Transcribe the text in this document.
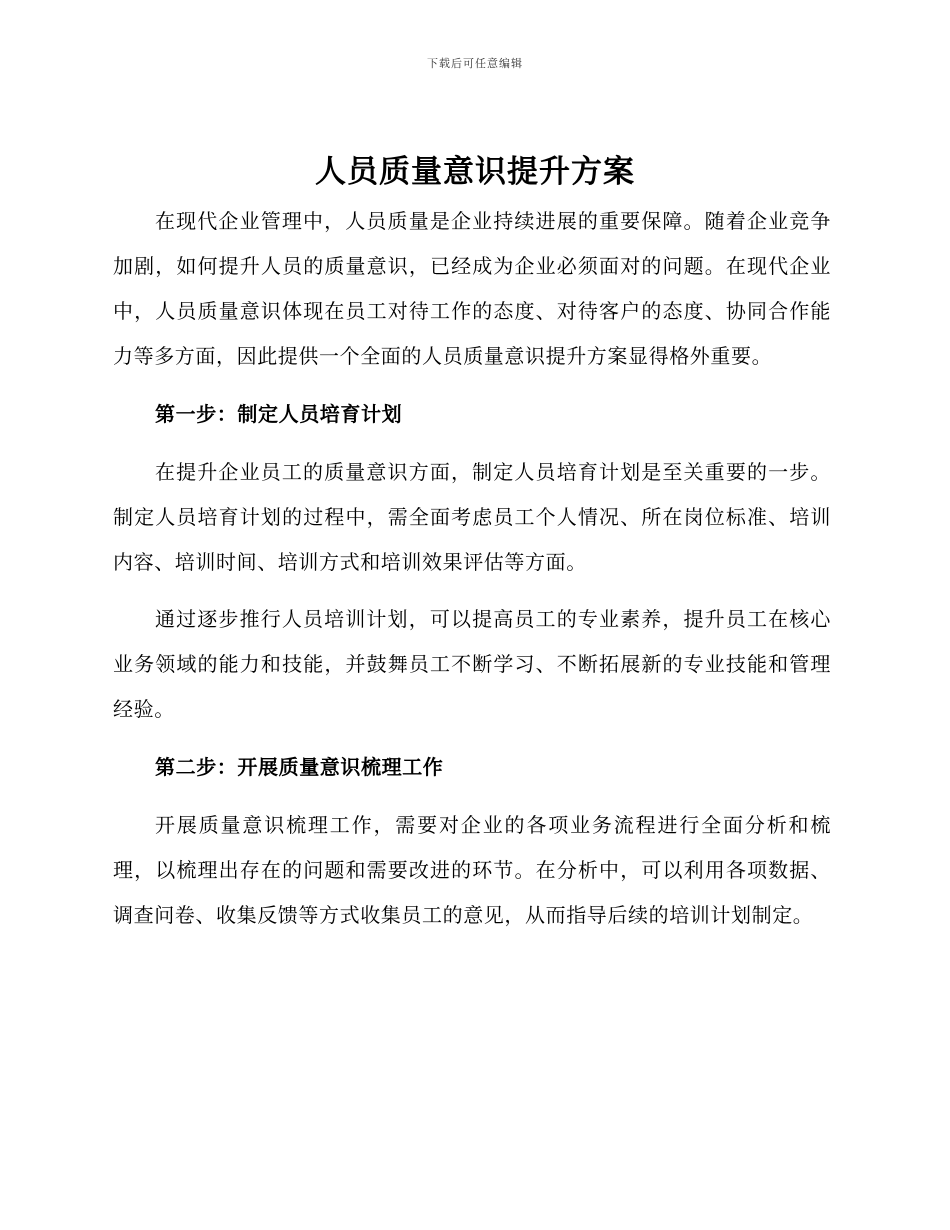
下载后可任意编辑
人员质量意识提升方案

在现代企业管理中，人员质量是企业持续进展的重要保障。随着企业竞争加剧，如何提升人员的质量意识，已经成为企业必须面对的问题。在现代企业中，人员质量意识体现在员工对待工作的态度、对待客户的态度、协同合作能力等多方面，因此提供一个全面的人员质量意识提升方案显得格外重要。

第一步：制定人员培育计划

在提升企业员工的质量意识方面，制定人员培育计划是至关重要的一步。制定人员培育计划的过程中，需全面考虑员工个人情况、所在岗位标准、培训内容、培训时间、培训方式和培训效果评估等方面。

通过逐步推行人员培训计划，可以提高员工的专业素养，提升员工在核心业务领域的能力和技能，并鼓舞员工不断学习、不断拓展新的专业技能和管理经验。

第二步：开展质量意识梳理工作

开展质量意识梳理工作，需要对企业的各项业务流程进行全面分析和梳理，以梳理出存在的问题和需要改进的环节。在分析中，可以利用各项数据、调查问卷、收集反馈等方式收集员工的意见，从而指导后续的培训计划制定。
